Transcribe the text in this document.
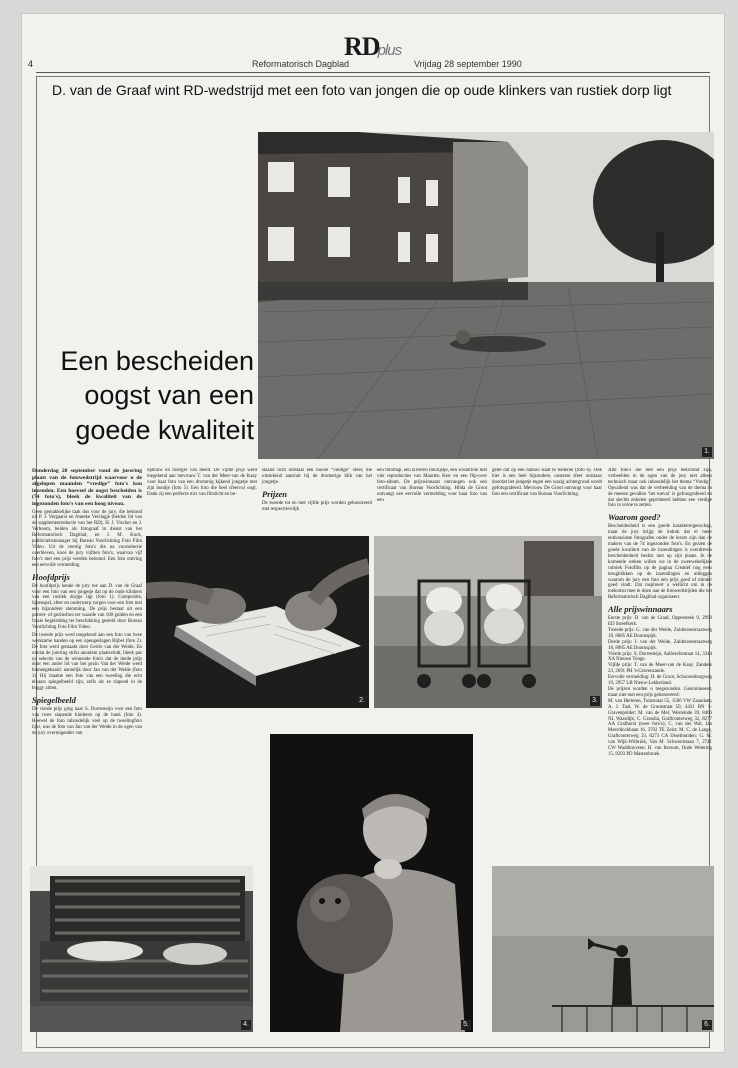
4
RDplus
Reformatorisch Dagblad	Vrijdag 28 september 1990
D. van de Graaf wint RD-wedstrijd met een foto van jongen die op oude klinkers van rustiek dorp ligt
1.
Een bescheiden
oogst van een
goede kwaliteit

Donderdag 20 september vond de jurering plaats van de fotowedstrijd waarvoor u de afgelopen maanden “vredige” foto's kon inzenden. Een hoeveel de oogst bescheiden is (74 foto's), bleek de kwaliteit van de ingezonden foto's van een hoog niveau.

Geen gemakkelijke taak dus voor de jury, die bestond uit P. J. Vergaarst en Anneke Verslagje (beiden lid van de supplementredactie van het RD), H. J. Vischer en J. Verboom, beiden als fotograaf in dienst van het Reformatorisch Dagblad, en J. M. Kock, publiciteitsmanager bij Bureau Voorlichting Foto Film Video. Uit de veertig foto's die na voorselectie overbleven, koos de jury vijftien foto's, waarvan vijf foto's met een prijs werden beloond. Een foto ontving een eervolle vermelding.

Hoofdprijs

De hoofdprijs kende de jury toe aan D. van de Graaf voor een foto van een jongetje dat op de oude klinkers van een rustiek dorpje ligt (foto 1). Compositie, lijnenspel, sfeer en onderwerp zorgen voor een foto met een bijzondere stemming. De prijs bestaat uit een portret- of gezinsfoto ter waarde van 100 gulden en een fraaie begeleiding ter beschikking gesteld door Bureau Voorlichting Foto Film Video.

De tweede prijs werd toegekend aan een foto van twee werkzame handen op een opengeslagen Bijbel (foto 2). De foto werd gemaakt door Gerrie van der Weide. En omdat de jurering strikt anoniem plaatsvindt, bleek pas na selectie van de winnende foto's dat de derde prijs door een ander lid van het gezin Van der Weide werd binnengehaald: namelijk door Jan van der Weide (foto 3). Hij maakte een foto van een tweeling die echt elkaars spiegelbeeld zijn, zelfs als ze slapend in de buggy zitten.

Spiegelbeeld

De vierde prijs ging naar S. Dorresteijn voor een foto van twee slapende kinderen op de bank (foto 4). Hoewel de foto inhoudelijk veel op de tweelingfoto lijkt, was de foto van Jan van der Weide in de ogen van de jury overtuigender van

opbouw en rustiger van beeld. De vijfde prijs werd toegekend aan mevrouw T. van der Meer-van de Kaay voor haar foto van een drommig kijkend jongetje met zijn hondje (foto 5). Een foto die heel sfeervol oogt. Dank zij een perfecte mix van flitslicht en be-

staand licht ontstaat een mooie “vredige” sfeer, die uitstekend aansluit bij de dromerige blik van het jongetje.

Prijzen

De tweede tot en met vijfde prijs worden gehonoreerd met respectievelijk

een fotomap, een zilveren fotolijstje, een wisselfoto met vier reproducties van Maarten Kerr en een flip-over foto-album. De prijswinnaars ontvangen ook een certificaat van Bureau Voorlichting. Hilda de Groot ontvangt een eervolle vermelding voor haar foto van een

geite dat op een balkon staat te toeteren (foto 6). Ook hier is een heel bijzondere, oosterse sfeer ontstaan doordat het jongetje tegen een wazig achtergrond wordt gefotografeerd. Mevrouw De Groot ontvangt voor haar foto een certificaat van Bureau Voorlichting.

2.	3.

Alle foto's die met een prijs bekroond zijn, verbeelden in de ogen van de jury niet alleen technisch maar ook inhoudelijk het thema “Vredig”. Opvallend was dat de verbeelding van de thema in de meeste gevallen ‘het toeval’ is gefotografeerd en dat slechts enkelen geprobeerd hebben een vredige foto in scène te zetten.

Waarom goed?

Bescheidenheid is een goede karaktereigenschap, maar de jury krijgt de indruk dat er meer enthousiaste fotografen onder de lezers zijn dan de makers van de 74 ingezonden foto's. En gezien de goede kwaliteit van de inzendingen is overdreven bescheidenheid beslist niet op zijn plaats. In de komende weken willen we in de zweewekelijkse rubriek Fotoflits op de pagina Creatief nog eens terugblikken op de inzendingen en uitleggen waarom de jury een foto een prijs goed of minder goed vindt. Dat inspireert u wellicht om in de toekomst mee te doen aan de fotowedstrijden die het Reformatorisch Dagblad organiseert.

Alle prijswinnaars

Eerste prijs: D. van de Graaf, Oppersteek 9, 2999 ED Streefkerk.

Tweede prijs: G. van der Weide, Zuiderzeestraatweg 18, 8085 AE Doornspijk.

Derde prijs: J. van der Weide, Zuiderzeestraatweg 18, 8085 AE Doornspijk.

Vierde prijs: S. Dorresteijn, Aalbrechtstraat 14, 3344 XA Nieuwe Tonge.

Vijfde prijs: T. van de Meer-van de Kaay, Zandeik 23, 2691 PH 's-Gravenzande.

Eervolle vermelding: H. de Groot, Schoorenburgweg 19, 2957 LB Nieuw-Lekkerland.

De prijzen worden u toegezonden. Genomineerd, maar niet met een prijs gehonoreerd:

M. van Herteren, Tuinstraat 55, 1506 VW Zaandam; A. J. Taal, W. de Grootstraat 50, 4431 BN 's-Gravenpolder; M. van de Mel, Westeinde 39, 8466 NL Waardijk; C. Grandia, Graftconterweg 32, 8277 AA Grafhorst (twee foto's); C. van der Wal, Jan Meerdinckhaan 16, 3702 TE Zeist; M. C. de Lange, Graftconterweg 33, 8273 CA IJsselmuiden; G. M. van Wijk-Wilbrink, Van M. Schwentstaan 7, 2741 CW Waddinxveen; H. van Itersum, Oude Wetering 15, 8293 PD Mastenbroek.

4.	5.	6.
